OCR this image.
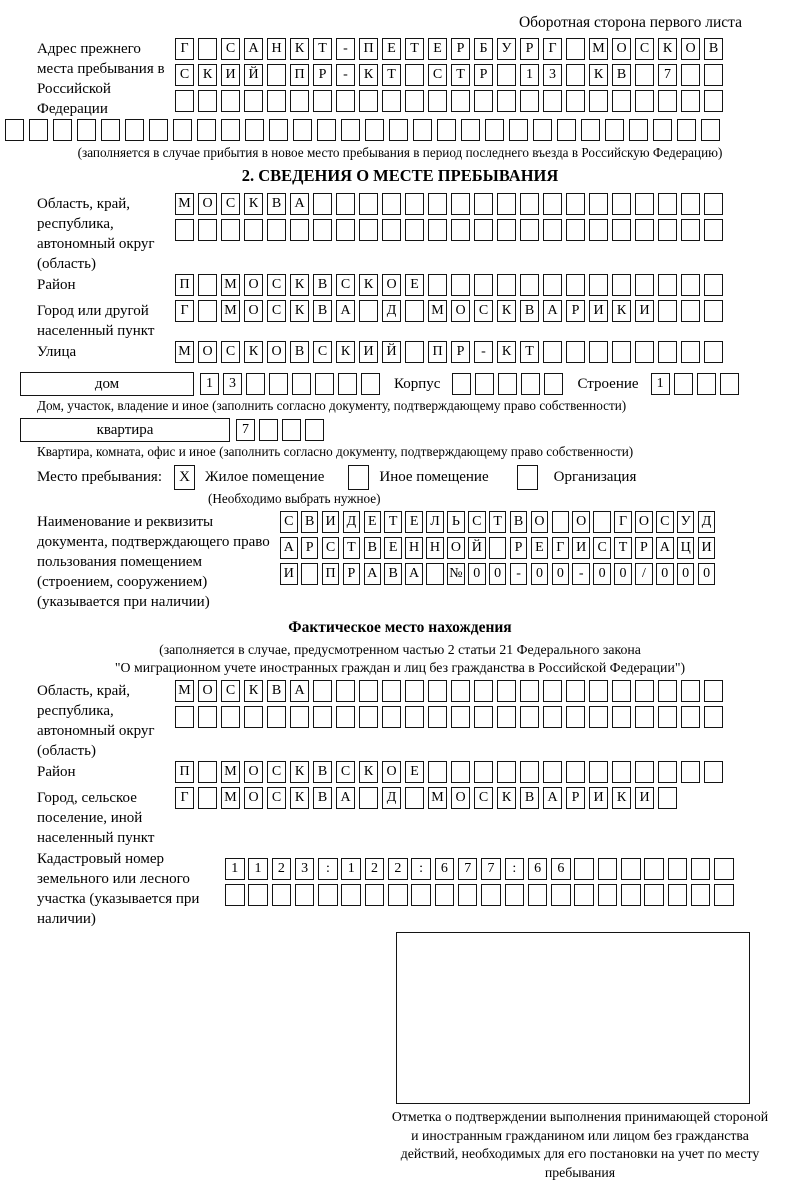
Оборотная сторона первого листа
Адрес прежнего места пребывания в Российской Федерации
Г	С А Н К	Т	-	П Е	Т	Е	Р	Б	У	Р	Г	М О С К О В
С К И Й	П	Р	-	К	Т	С	Т	Р	1	3	К В	7
(заполняется в случае прибытия в новое место пребывания в период последнего въезда в Российскую Федерацию)
2. СВЕДЕНИЯ О МЕСТЕ ПРЕБЫВАНИЯ
Область, край, республика, автономный округ (область)
М О С К В А
Район	П	М О С К В С К О Е
Город или другой населенный пункт
Г	М О С К В А	Д	М О С К В А	Р	И К И
Улица	М О С К О В С К И Й	П	Р	-	К	Т
дом	1	3	Корпус	Строение	1
Дом, участок, владение и иное (заполнить согласно документу, подтверждающему право собственности)
квартира	7
Квартира, комната, офис и иное (заполнить согласно документу, подтверждающему право собственности)
Место пребывания:	X	Жилое помещение	Иное помещение	Организация
(Необходимо выбрать нужное)
Наименование и реквизиты документа, подтверждающего право пользования помещением (строением, сооружением) (указывается при наличии)
С В И Д Е Т Е Л Ь С Т В О О	Г О С У Д
А Р С Т В Е Н Н О Й	Р Е Г И С Т Р А Ц И
И П Р А В А № 0 0	-	0 0	-	0 0	/	0 0 0
Фактическое место нахождения
(заполняется в случае, предусмотренном частью 2 статьи 21 Федерального закона
"О миграционном учете иностранных граждан и лиц без гражданства в Российской Федерации")
Область, край, республика, автономный округ (область)
М О С К В А
Район	П	М О С К В С К О Е
Город, сельское поселение, иной населенный пункт
Г	М О С К В А	Д	М О С К В А	Р	И К И
Кадастровый номер земельного или лесного участка (указывается при наличии)
1	1	2	3	:	1	2	2	:	6	7	7	:	6	6
Отметка о подтверждении выполнения принимающей стороной и иностранным гражданином или лицом без гражданства действий, необходимых для его постановки на учет по месту пребывания
